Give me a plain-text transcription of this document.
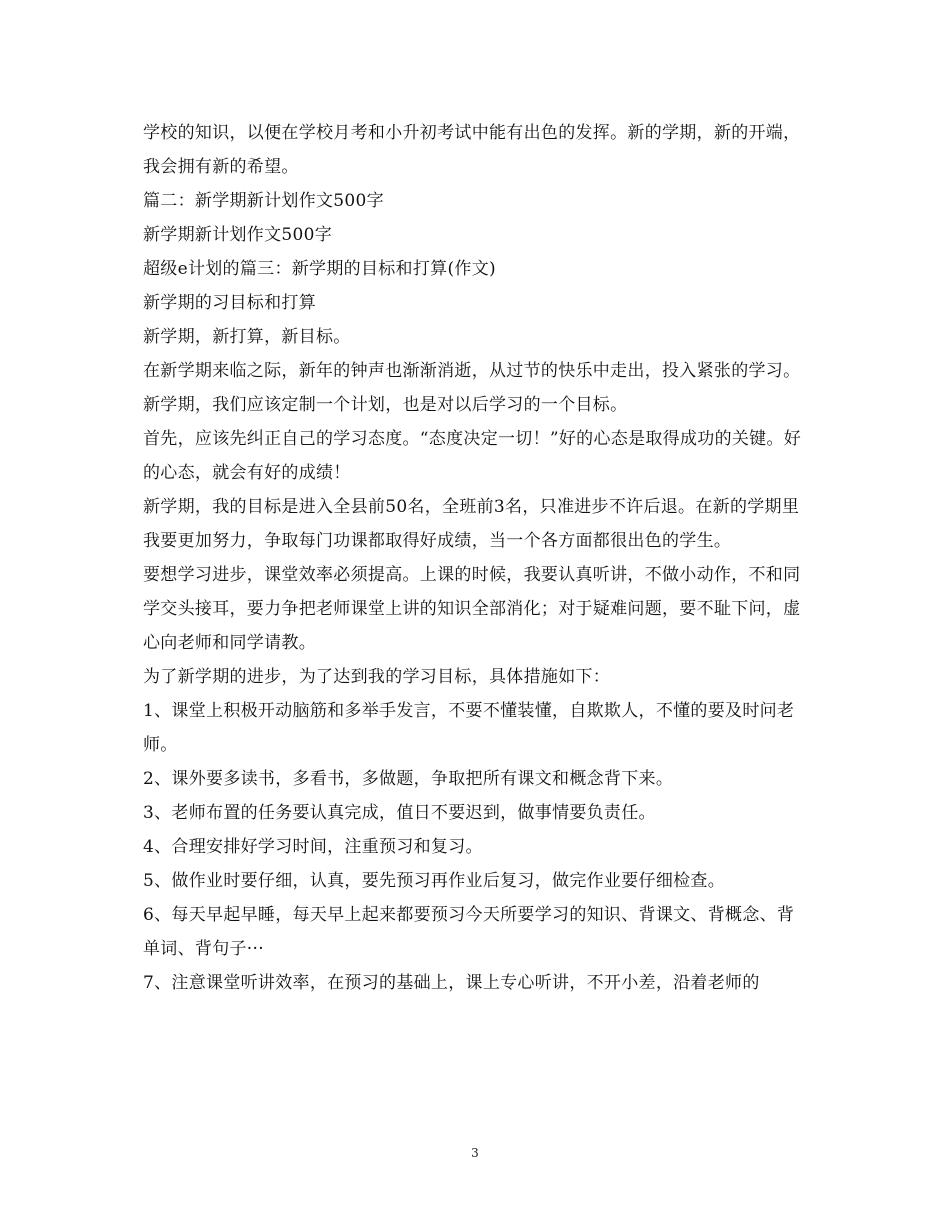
学校的知识，以便在学校月考和小升初考试中能有出色的发挥。新的学期，新的开端，我会拥有新的希望。

篇二：新学期新计划作文500字

新学期新计划作文500字

超级e计划的篇三：新学期的目标和打算(作文)

新学期的习目标和打算

新学期，新打算，新目标。

在新学期来临之际，新年的钟声也渐渐消逝，从过节的快乐中走出，投入紧张的学习。新学期，我们应该定制一个计划，也是对以后学习的一个目标。

首先，应该先纠正自己的学习态度。“态度决定一切！”好的心态是取得成功的关键。好的心态，就会有好的成绩！

新学期，我的目标是进入全县前50名，全班前3名，只准进步不许后退。在新的学期里我要更加努力，争取每门功课都取得好成绩，当一个各方面都很出色的学生。

要想学习进步，课堂效率必须提高。上课的时候，我要认真听讲，不做小动作，不和同学交头接耳，要力争把老师课堂上讲的知识全部消化；对于疑难问题，要不耻下问，虚心向老师和同学请教。

为了新学期的进步，为了达到我的学习目标，具体措施如下：

1、课堂上积极开动脑筋和多举手发言，不要不懂装懂，自欺欺人，不懂的要及时问老师。

2、课外要多读书，多看书，多做题，争取把所有课文和概念背下来。

3、老师布置的任务要认真完成，值日不要迟到，做事情要负责任。

4、合理安排好学习时间，注重预习和复习。

5、做作业时要仔细，认真，要先预习再作业后复习，做完作业要仔细检查。

6、每天早起早睡，每天早上起来都要预习今天所要学习的知识、背课文、背概念、背单词、背句子···

7、注意课堂听讲效率，在预习的基础上，课上专心听讲，不开小差，沿着老师的

3
